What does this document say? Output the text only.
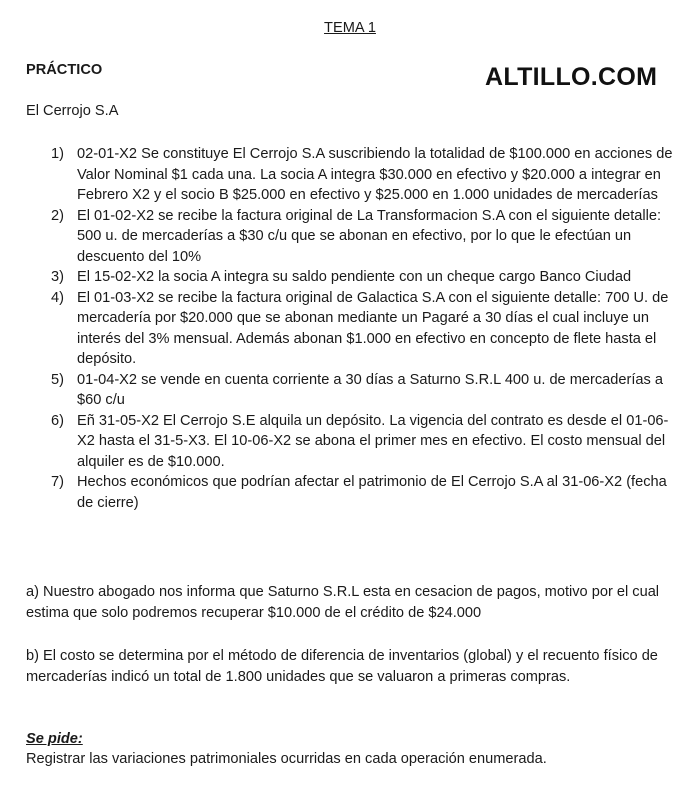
TEMA 1
PRÁCTICO	ALTILLO.COM
El Cerrojo S.A
1) 02-01-X2 Se constituye El Cerrojo S.A suscribiendo la totalidad de $100.000 en acciones de Valor Nominal $1 cada una. La socia A integra $30.000 en efectivo y $20.000 a integrar en Febrero X2 y el socio B $25.000 en efectivo y $25.000 en 1.000 unidades de mercaderías
2) El 01-02-X2 se recibe la factura original de La Transformacion S.A con el siguiente detalle: 500 u. de mercaderías a $30 c/u que se abonan en efectivo, por lo que le efectúan un descuento del 10%
3) El 15-02-X2 la socia A integra su saldo pendiente con un cheque cargo Banco Ciudad
4) El 01-03-X2 se recibe la factura original de Galactica S.A con el siguiente detalle: 700 U. de mercadería por $20.000 que se abonan mediante un Pagaré a 30 días el cual incluye un interés del 3% mensual. Además abonan $1.000 en efectivo en concepto de flete hasta el depósito.
5) 01-04-X2 se vende en cuenta corriente a 30 días a Saturno S.R.L 400 u. de mercaderías a $60 c/u
6) Eñ 31-05-X2 El Cerrojo S.E alquila un depósito. La vigencia del contrato es desde el 01-06-X2 hasta el 31-5-X3. El 10-06-X2 se abona el primer mes en efectivo. El costo mensual del alquiler es de $10.000.
7) Hechos económicos que podrían afectar el patrimonio de El Cerrojo S.A al 31-06-X2 (fecha de cierre)
a) Nuestro abogado nos informa que Saturno S.R.L esta en cesacion de pagos, motivo por el cual estima que solo podremos recuperar $10.000 de el crédito de $24.000
b) El costo se determina por el método de diferencia de inventarios (global) y el recuento físico de mercaderías indicó un total de 1.800 unidades que se valuaron a primeras compras.
Se pide:
Registrar las variaciones patrimoniales ocurridas en cada operación enumerada.
